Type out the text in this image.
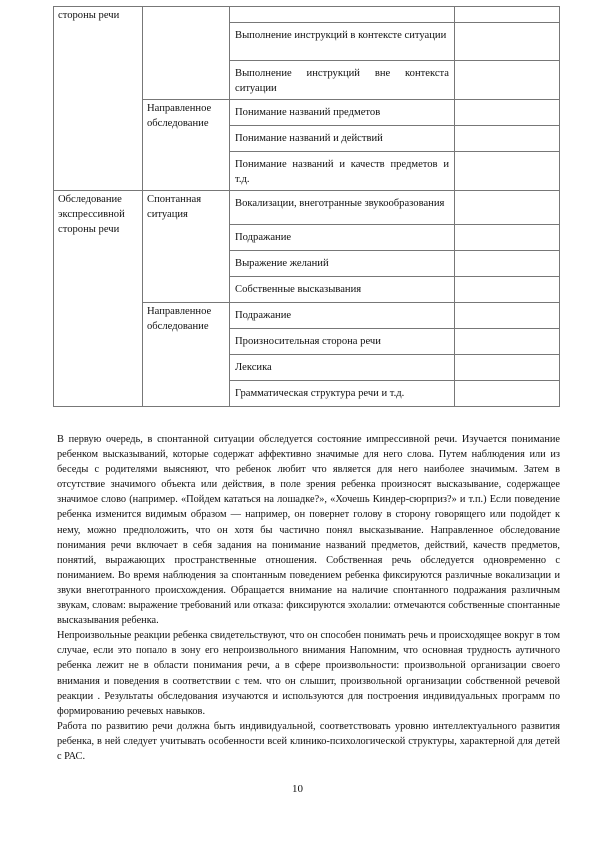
стороны речи			
		Выполнение инструкций в контексте ситуации	
		Выполнение инструкций вне контекста ситуации	
	Направленное обследование	Понимание названий предметов	
		Понимание названий и действий	
		Понимание названий и качеств предметов и т.д.	
Обследование экспрессивной стороны речи	Спонтанная ситуация	Вокализации, внеготранные звукообразования	
		Подражание	
		Выражение желаний	
		Собственные высказывания	
	Направленное обследование	Подражание	
		Произносительная сторона речи	
		Лексика	
		Грамматическая структура речи и т.д.	

В первую очередь, в спонтанной ситуации обследуется состояние импрессивной речи. Изучается понимание ребенком высказываний, которые содержат аффективно значимые для него слова. Путем наблюдения или из беседы с родителями выясняют, что ребенок любит что является для него наиболее значимым. Затем в отсутствие значимого объекта или действия, в поле зрения ребенка произносят высказывание, содержащее значимое слово (например. «Пойдем кататься на лошадке?», «Хочешь Киндер-сюрприз?» и т.п.) Если поведение ребенка изменится видимым образом — например, он повернет голову в сторону говорящего или подойдет к нему, можно предположить, что он хотя бы частично понял высказывание. Направленное обследование понимания речи включает в себя задания на понимание названий предметов, действий, качеств предметов, понятий, выражающих пространственные отношения. Собственная речь обследуется одновременно с пониманием. Во время наблюдения за спонтанным поведением ребенка фиксируются различные вокализации и звуки внеготранного происхождения. Обращается внимание на наличие спонтанного подражания различным звукам, словам: выражение требований или отказа: фиксируются эхолалии: отмечаются собственные спонтанные высказывания ребенка.

Непроизвольные реакции ребенка свидетельствуют, что он способен понимать речь и происходящее вокруг в том случае, если это попало в зону его непроизвольного внимания Напомним, что основная трудность аутичного ребенка лежит не в области понимания речи, а в сфере произвольности: произвольной организации своего внимания и поведения в соответствии с тем. что он слышит, произвольной организации собственной речевой реакции . Результаты обследования изучаются и используются для построения индивидуальных программ по формированию речевых навыков.

Работа по развитию речи должна быть индивидуальной, соответствовать уровню интеллектуального развития ребенка, в ней следует учитывать особенности всей клинико-психологической структуры, характерной для детей с РАС.

10
